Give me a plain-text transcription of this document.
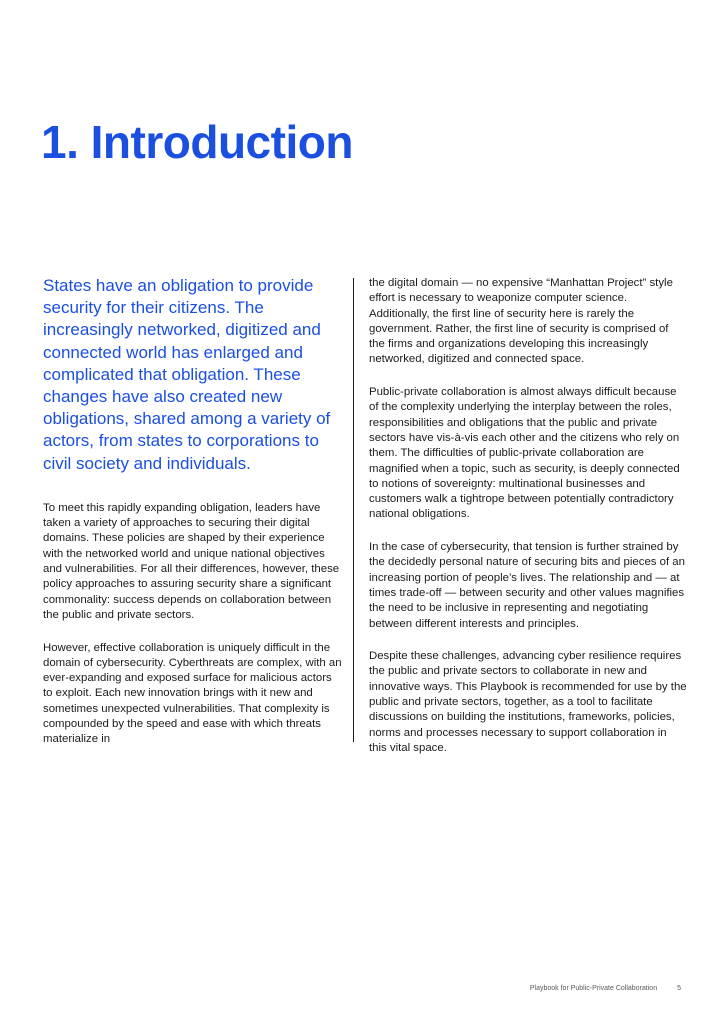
1. Introduction

States have an obligation to provide security for their citizens. The increasingly networked, digitized and connected world has enlarged and complicated that obligation. These changes have also created new obligations, shared among a variety of actors, from states to corporations to civil society and individuals.

To meet this rapidly expanding obligation, leaders have taken a variety of approaches to securing their digital domains. These policies are shaped by their experience with the networked world and unique national objectives and vulnerabilities. For all their differences, however, these policy approaches to assuring security share a significant commonality: success depends on collaboration between the public and private sectors.

However, effective collaboration is uniquely difficult in the domain of cybersecurity. Cyberthreats are complex, with an ever-expanding and exposed surface for malicious actors to exploit. Each new innovation brings with it new and sometimes unexpected vulnerabilities. That complexity is compounded by the speed and ease with which threats materialize in

the digital domain — no expensive “Manhattan Project” style effort is necessary to weaponize computer science. Additionally, the first line of security here is rarely the government. Rather, the first line of security is comprised of the firms and organizations developing this increasingly networked, digitized and connected space.

Public-private collaboration is almost always difficult because of the complexity underlying the interplay between the roles, responsibilities and obligations that the public and private sectors have vis-à-vis each other and the citizens who rely on them. The difficulties of public-private collaboration are magnified when a topic, such as security, is deeply connected to notions of sovereignty: multinational businesses and customers walk a tightrope between potentially contradictory national obligations.

In the case of cybersecurity, that tension is further strained by the decidedly personal nature of securing bits and pieces of an increasing portion of people’s lives. The relationship and — at times trade-off — between security and other values magnifies the need to be inclusive in representing and negotiating between different interests and principles.

Despite these challenges, advancing cyber resilience requires the public and private sectors to collaborate in new and innovative ways. This Playbook is recommended for use by the public and private sectors, together, as a tool to facilitate discussions on building the institutions, frameworks, policies, norms and processes necessary to support collaboration in this vital space.

Playbook for Public-Private Collaboration	5
